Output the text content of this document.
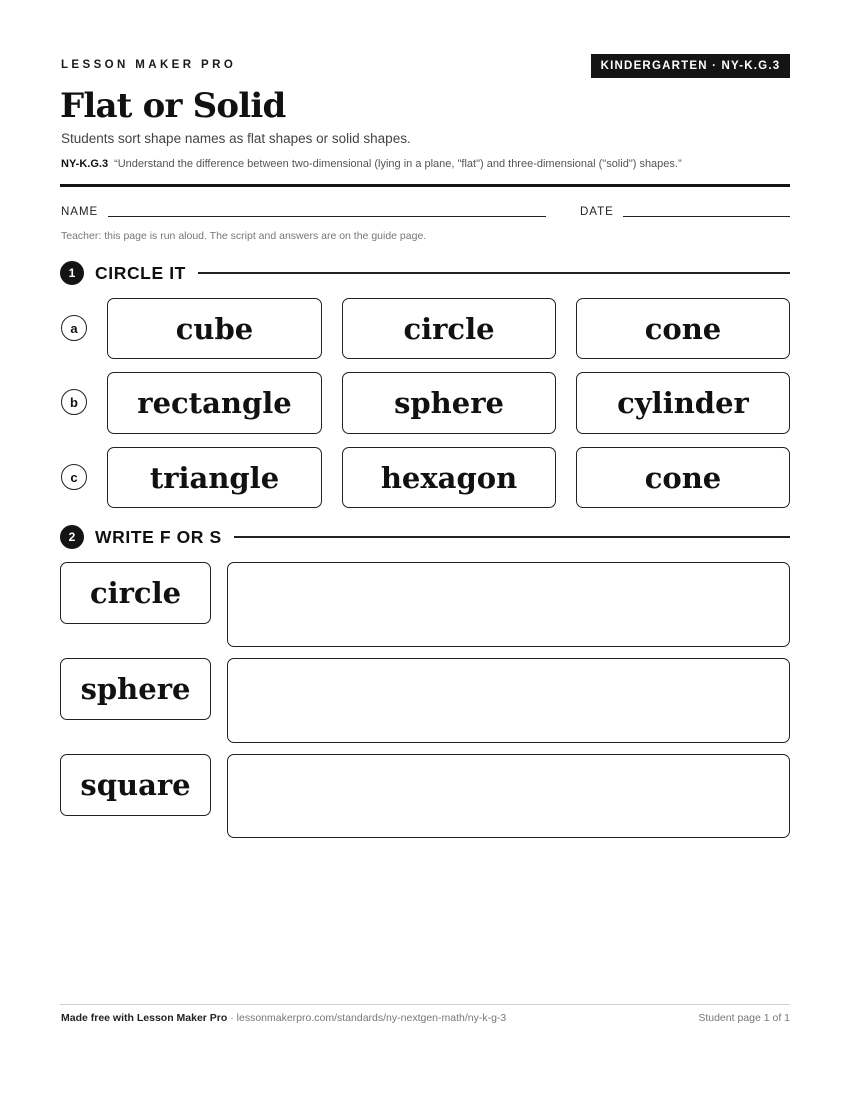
LESSON MAKER PRO	KINDERGARTEN · NY-K.G.3
Flat or Solid
Students sort shape names as flat shapes or solid shapes.
NY-K.G.3 “Understand the difference between two-dimensional (lying in a plane, "flat") and three-dimensional ("solid") shapes.”
NAME	DATE
Teacher: this page is run aloud. The script and answers are on the guide page.
1	CIRCLE IT
a	cube	circle	cone
b	rectangle	sphere	cylinder
c	triangle	hexagon	cone
2	WRITE F OR S
circle
sphere
square
Made free with Lesson Maker Pro · lessonmakerpro.com/standards/ny-nextgen-math/ny-k-g-3	Student page 1 of 1
